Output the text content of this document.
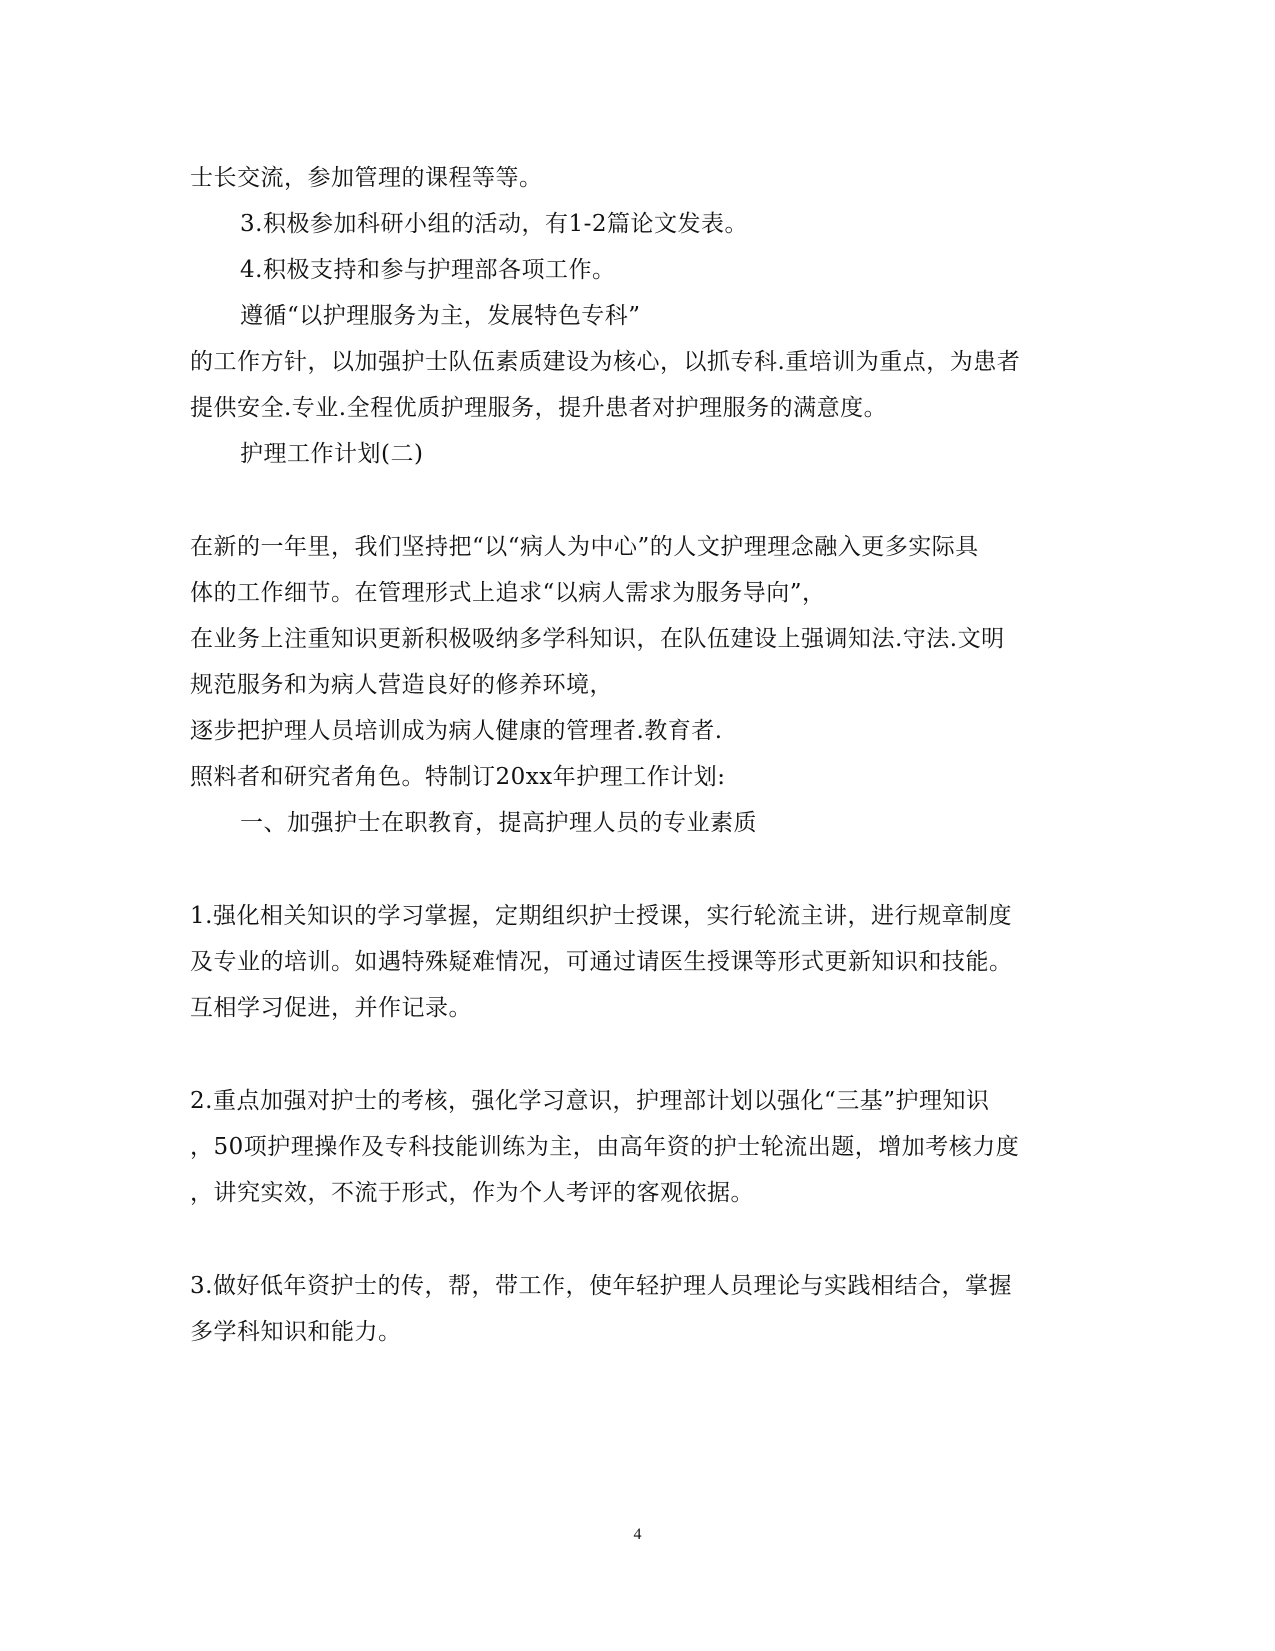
士长交流，参加管理的课程等等。
3.积极参加科研小组的活动，有1-2篇论文发表。
4.积极支持和参与护理部各项工作。
遵循“以护理服务为主，发展特色专科”
的工作方针，以加强护士队伍素质建设为核心，以抓专科.重培训为重点，为患者
提供安全.专业.全程优质护理服务，提升患者对护理服务的满意度。
护理工作计划(二)
在新的一年里，我们坚持把“以“病人为中心”的人文护理理念融入更多实际具
体的工作细节。在管理形式上追求“以病人需求为服务导向”，
在业务上注重知识更新积极吸纳多学科知识，在队伍建设上强调知法.守法.文明
规范服务和为病人营造良好的修养环境，
逐步把护理人员培训成为病人健康的管理者.教育者.
照料者和研究者角色。特制订20xx年护理工作计划:
一、加强护士在职教育，提高护理人员的专业素质
1.强化相关知识的学习掌握，定期组织护士授课，实行轮流主讲，进行规章制度
及专业的培训。如遇特殊疑难情况，可通过请医生授课等形式更新知识和技能。
互相学习促进，并作记录。
2.重点加强对护士的考核，强化学习意识，护理部计划以强化“三基”护理知识
，50项护理操作及专科技能训练为主，由高年资的护士轮流出题，增加考核力度
，讲究实效，不流于形式，作为个人考评的客观依据。
3.做好低年资护士的传，帮，带工作，使年轻护理人员理论与实践相结合，掌握
多学科知识和能力。
4
